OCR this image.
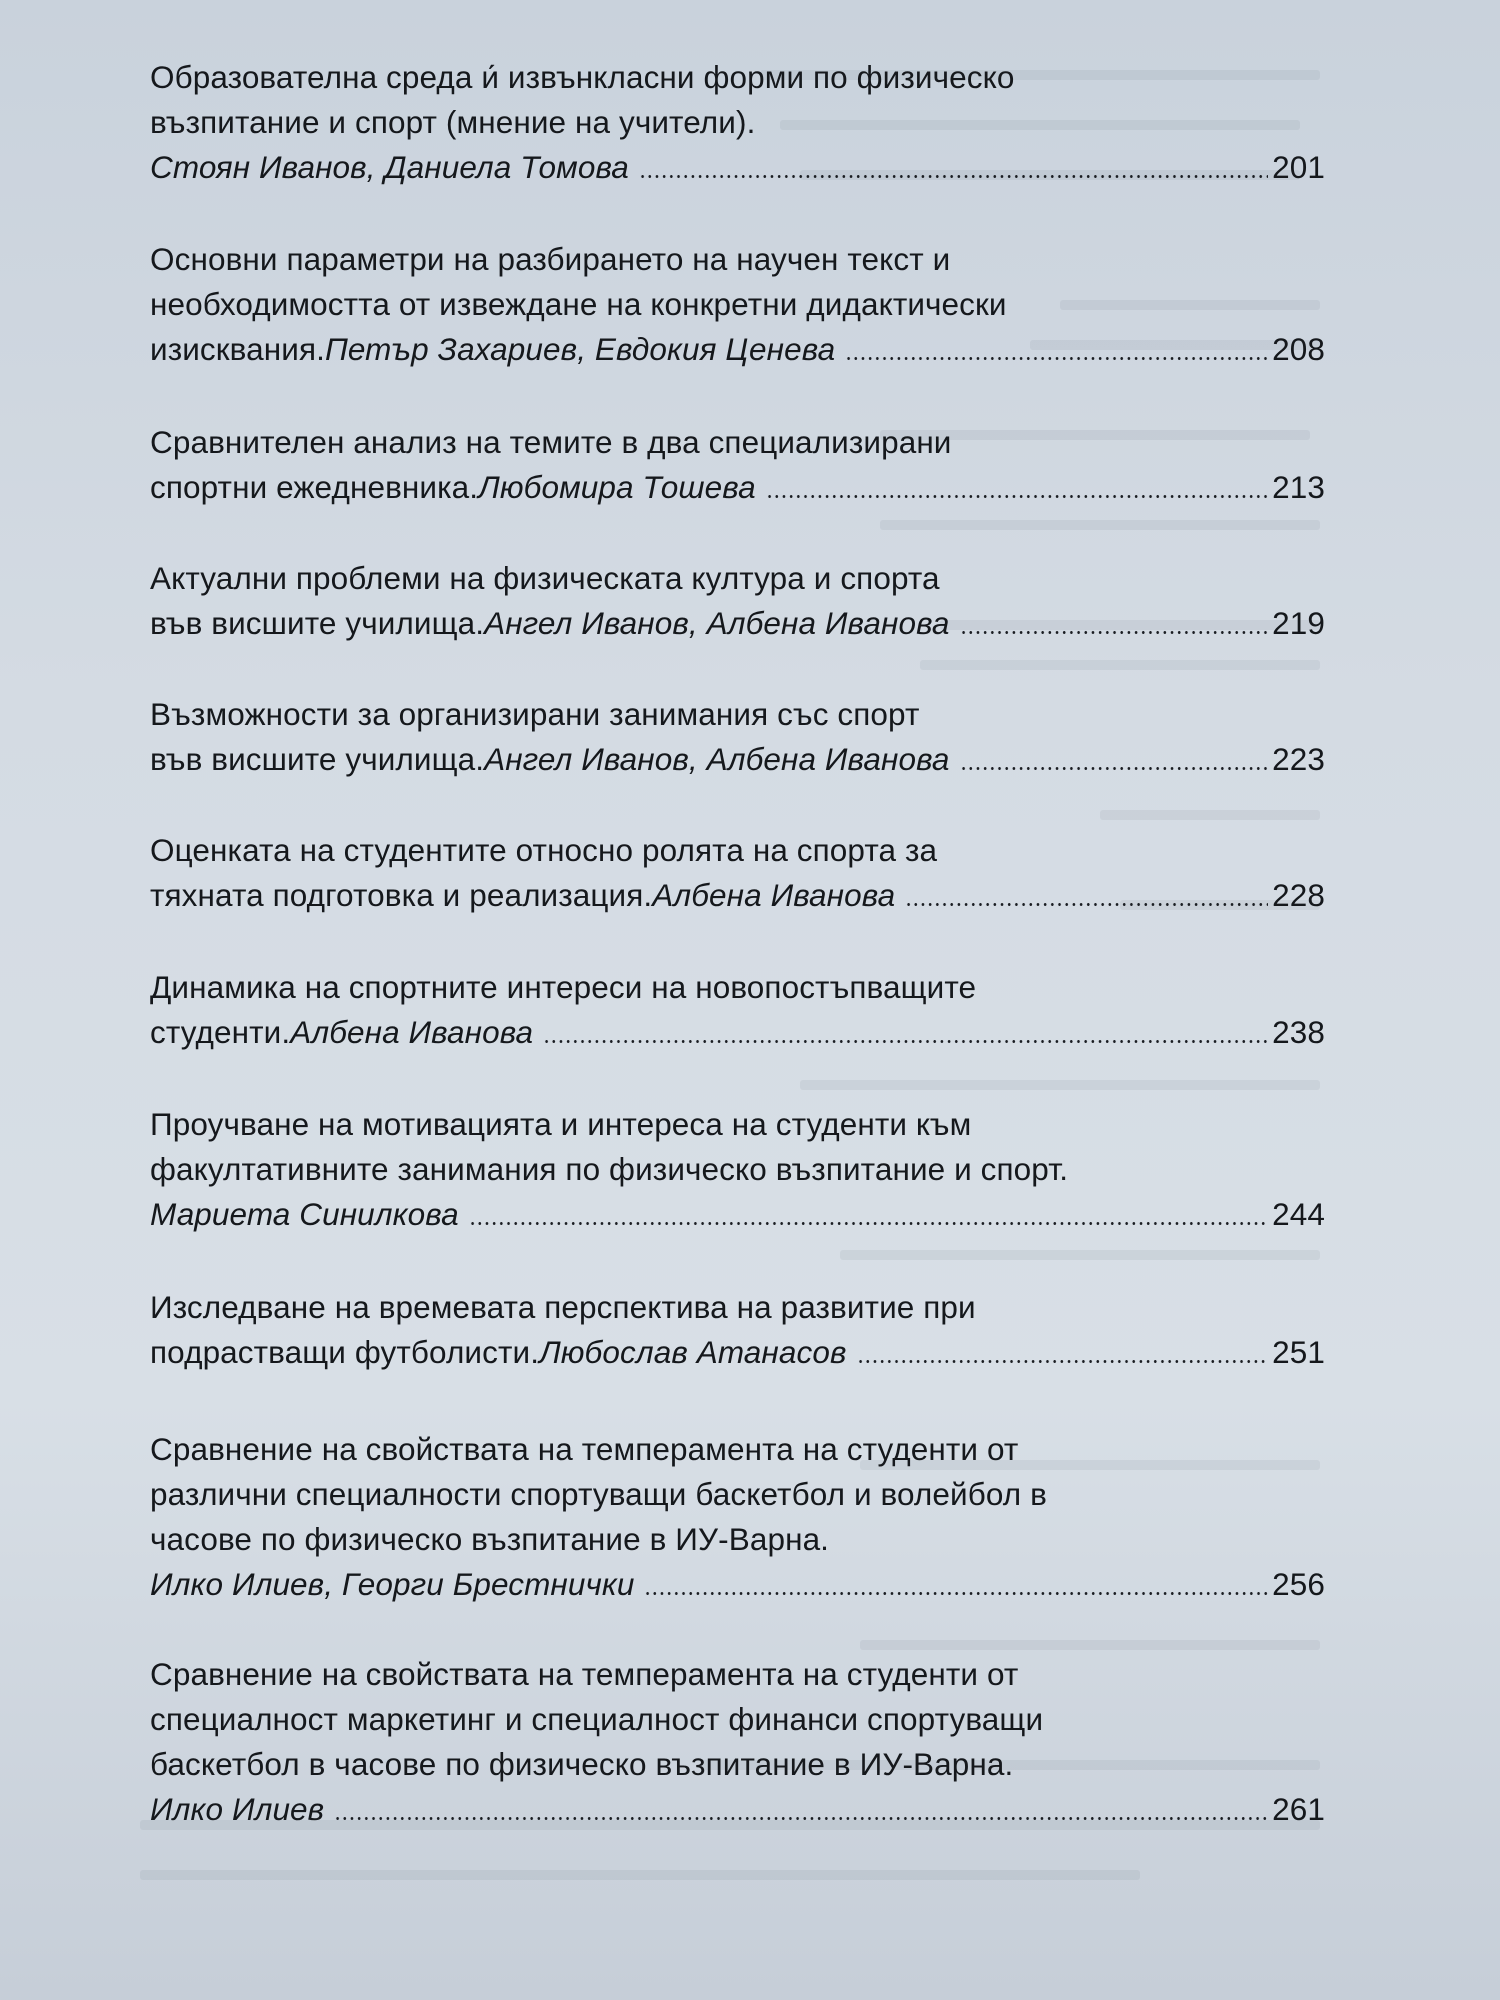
Образователна среда и́ извънкласни форми по физическо
възпитание и спорт (мнение на учители).
Стоян Иванов, Даниела Томова	201
Основни параметри на разбирането на научен текст и
необходимостта от извеждане на конкретни дидактически
изисквания. Петър Захариев, Евдокия Ценева	208
Сравнителен анализ на темите в два специализирани
спортни ежедневника. Любомира Тошева	213
Актуални проблеми на физическата култура и спорта
във висшите училища. Ангел Иванов, Албена Иванова	219
Възможности за организирани занимания със спорт
във висшите училища. Ангел Иванов, Албена Иванова	223
Оценката на студентите относно ролята на спорта за
тяхната подготовка и реализация. Албена Иванова	228
Динамика на спортните интереси на новопостъпващите
студенти. Албена Иванова	238
Проучване на мотивацията и интереса на студенти към
факултативните занимания по физическо възпитание и спорт.
Мариета Синилкова	244
Изследване на времевата перспектива на развитие при
подрастващи футболисти. Любослав Атанасов	251
Сравнение на свойствата на темперамента на студенти от
различни специалности спортуващи баскетбол и волейбол в
часове по физическо възпитание в ИУ-Варна.
Илко Илиев, Георги Брестнички	256
Сравнение на свойствата на темперамента на студенти от
специалност маркетинг и специалност финанси спортуващи
баскетбол в часове по физическо възпитание в ИУ-Варна.
Илко Илиев	261
